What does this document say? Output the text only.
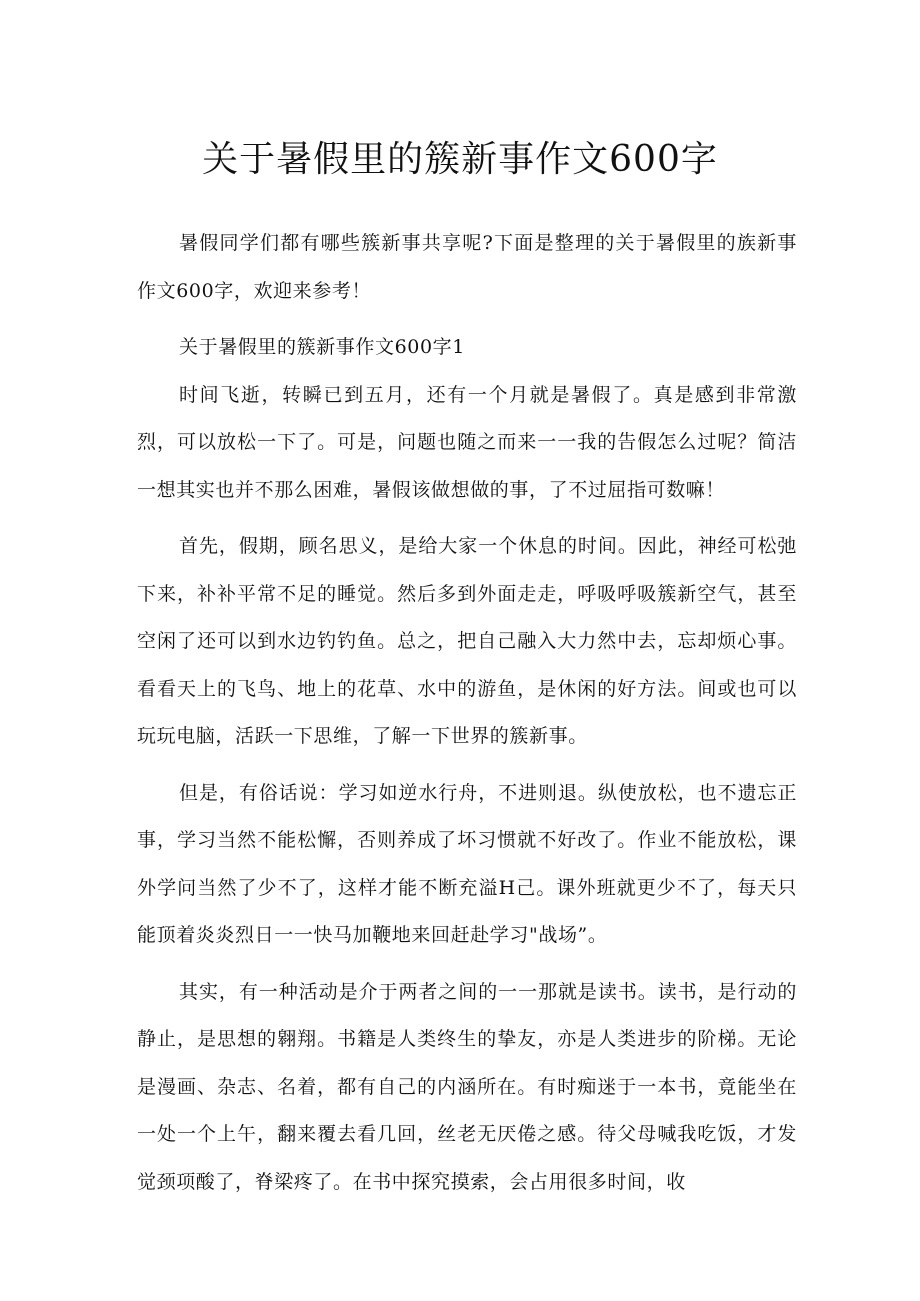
关于暑假里的簇新事作文600字

暑假同学们都有哪些簇新事共享呢?下面是整理的关于暑假里的族新事作文600字，欢迎来参考！

关于暑假里的簇新事作文600字1

时间飞逝，转瞬已到五月，还有一个月就是暑假了。真是感到非常激烈，可以放松一下了。可是，问题也随之而来一一我的告假怎么过呢？简洁一想其实也并不那么困难，暑假该做想做的事，了不过屈指可数嘛！

首先，假期，顾名思义，是给大家一个休息的时间。因此，神经可松弛下来，补补平常不足的睡觉。然后多到外面走走，呼吸呼吸簇新空气，甚至空闲了还可以到水边钓钓鱼。总之，把自己融入大力然中去，忘却烦心事。看看天上的飞鸟、地上的花草、水中的游鱼，是休闲的好方法。间或也可以玩玩电脑，活跃一下思维，了解一下世界的簇新事。

但是，有俗话说：学习如逆水行舟，不进则退。纵使放松，也不遗忘正事，学习当然不能松懈，否则养成了坏习惯就不好改了。作业不能放松，课外学问当然了少不了，这样才能不断充溢H己。课外班就更少不了，每天只能顶着炎炎烈日一一快马加鞭地来回赶赴学习"战场”。

其实，有一种活动是介于两者之间的一一那就是读书。读书，是行动的静止，是思想的翱翔。书籍是人类终生的挚友，亦是人类进步的阶梯。无论是漫画、杂志、名着，都有自己的内涵所在。有时痴迷于一本书，竟能坐在一处一个上午，翻来覆去看几回，丝老无厌倦之感。待父母喊我吃饭，才发觉颈项酸了，脊梁疼了。在书中探究摸索，会占用很多时间，收
